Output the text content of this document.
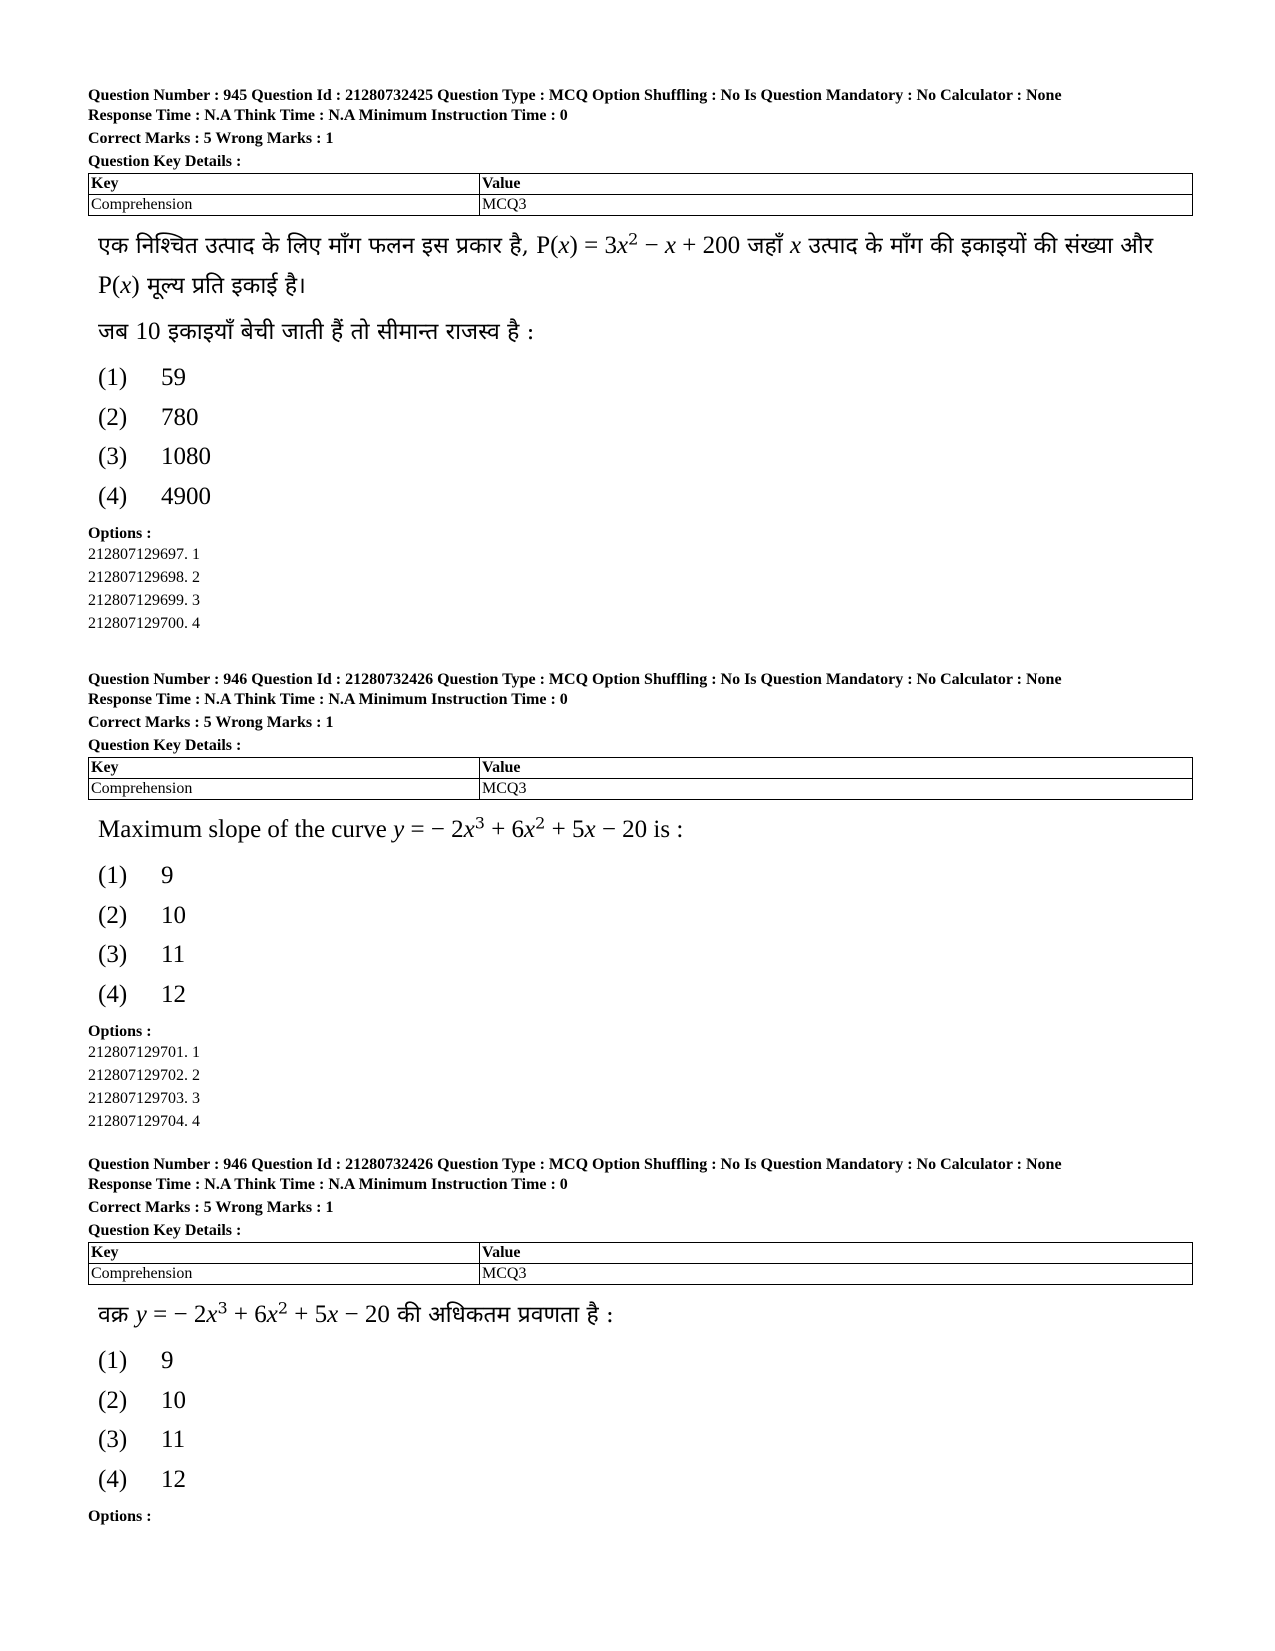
Question Number : 945 Question Id : 21280732425 Question Type : MCQ Option Shuffling : No Is Question Mandatory : No Calculator : None
Response Time : N.A Think Time : N.A Minimum Instruction Time : 0
Correct Marks : 5 Wrong Marks : 1
Question Key Details :
Key	Value
Comprehension	MCQ3
एक निश्चित उत्पाद के लिए माँग फलन इस प्रकार है, $P(x) = 3x^2 - x + 200$ जहाँ x उत्पाद के माँग की इकाइयों की संख्या और P(x) मूल्य प्रति इकाई है।
जब 10 इकाइयाँ बेची जाती हैं तो सीमान्त राजस्व है :
(1)	59
(2)	780
(3)	1080
(4)	4900
Options :
212807129697. 1
212807129698. 2
212807129699. 3
212807129700. 4
Question Number : 946 Question Id : 21280732426 Question Type : MCQ Option Shuffling : No Is Question Mandatory : No Calculator : None
Response Time : N.A Think Time : N.A Minimum Instruction Time : 0
Correct Marks : 5 Wrong Marks : 1
Question Key Details :
Key	Value
Comprehension	MCQ3
Maximum slope of the curve y = − $2x^3 + 6x^2 + 5x - 20$ is :
(1)	9
(2)	10
(3)	11
(4)	12
Options :
212807129701. 1
212807129702. 2
212807129703. 3
212807129704. 4
Question Number : 946 Question Id : 21280732426 Question Type : MCQ Option Shuffling : No Is Question Mandatory : No Calculator : None
Response Time : N.A Think Time : N.A Minimum Instruction Time : 0
Correct Marks : 5 Wrong Marks : 1
Question Key Details :
Key	Value
Comprehension	MCQ3
वक्र y = − $2x^3 + 6x^2 + 5x - 20$ की अधिकतम प्रवणता है :
(1)	9
(2)	10
(3)	11
(4)	12
Options :
